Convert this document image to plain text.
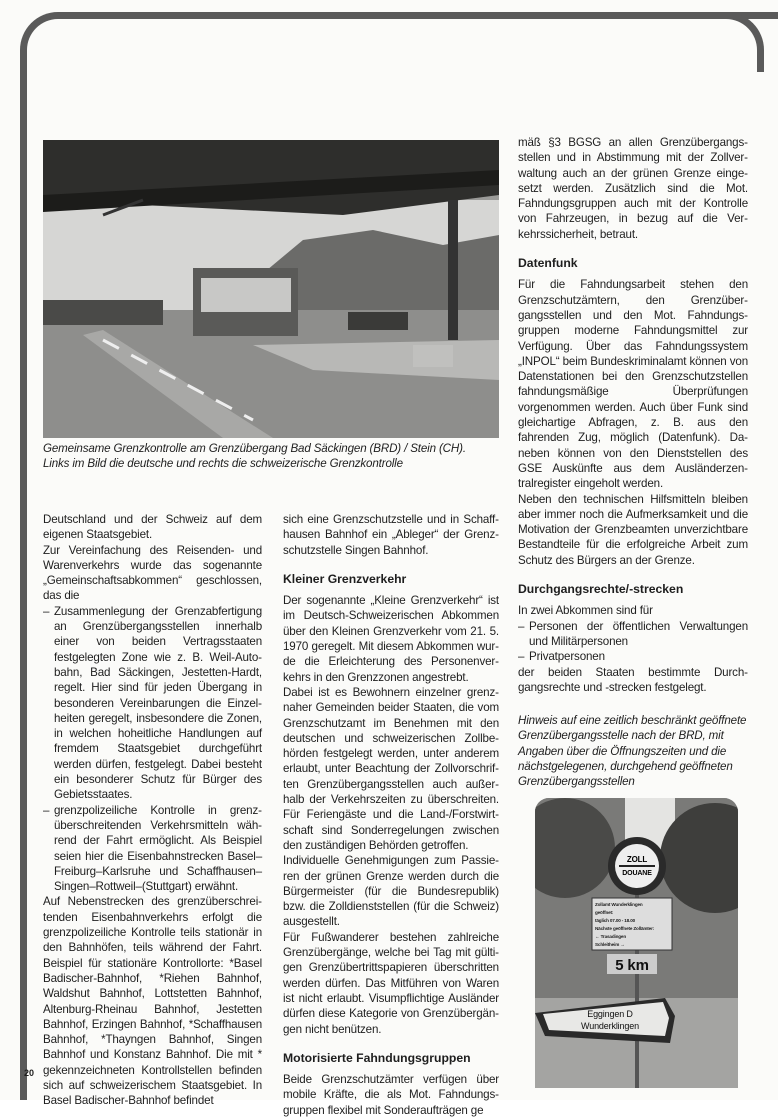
Gemeinsame Grenzkontrolle am Grenzübergang Bad Säckingen (BRD) / Stein (CH). Links im Bild die deutsche und rechts die schweizerische Grenzkontrolle

mäß §3 BGSG an allen Grenzübergangsstellen und in Abstimmung mit der Zollverwaltung auch an der grünen Grenze eingesetzt werden. Zusätzlich sind die Mot. Fahndungsgruppen auch mit der Kontrolle von Fahrzeugen, in bezug auf die Verkehrssicherheit, betraut.

Datenfunk

Für die Fahndungsarbeit stehen den Grenzschutzämtern, den Grenzübergangsstellen und den Mot. Fahndungsgruppen moderne Fahndungsmittel zur Verfügung. Über das Fahndungssystem „INPOL“ beim Bundeskriminalamt können von Datenstationen bei den Grenzschutzstellen fahndungsmäßige Überprüfungen vorgenommen werden. Auch über Funk sind gleichartige Abfragen, z. B. aus den fahrenden Zug, möglich (Datenfunk). Daneben können von den Dienststellen des GSE Auskünfte aus dem Ausländerzentralregister eingeholt werden.

Neben den technischen Hilfsmitteln bleiben aber immer noch die Aufmerksamkeit und die Motivation der Grenzbeamten unverzichtbare Bestandteile für die erfolgreiche Arbeit zum Schutz des Bürgers an der Grenze.

Durchgangsrechte/-strecken

In zwei Abkommen sind für

– Personen der öffentlichen Verwaltungen und Militärpersonen
– Privatpersonen

der beiden Staaten bestimmte Durchgangsrechte und -strecken festgelegt.

Hinweis auf eine zeitlich beschränkt geöffnete Grenzübergangsstelle nach der BRD, mit Angaben über die Öffnungszeiten und die nächstgelegenen, durchgehend geöffneten Grenzübergangsstellen
ZOLL
DOUANE
Zollamt Wunderklingen
geöffnet:
täglich 07.00 - 18.00
Nächste geöffnete Zollämter:
← Trasadingen
Schleitheim →
5 km
Eggingen D
Wunderklingen

Deutschland und der Schweiz auf dem eigenen Staatsgebiet.

Zur Vereinfachung des Reisenden- und Warenverkehrs wurde das sogenannte „Gemeinschaftsabkommen“ geschlossen, das die

– Zusammenlegung der Grenzabfertigung an Grenzübergangsstellen innerhalb einer von beiden Vertragsstaaten festgelegten Zone wie z. B. Weil-Autobahn, Bad Säckingen, Jestetten-Hardt, regelt. Hier sind für jeden Übergang in besonderen Vereinbarungen die Einzelheiten geregelt, insbesondere die Zonen, in welchen hoheitliche Handlungen auf fremdem Staatsgebiet durchgeführt werden dürfen, festgelegt. Dabei besteht ein besonderer Schutz für Bürger des Gebietsstaates.
– grenzpolizeiliche Kontrolle in grenzüberschreitenden Verkehrsmitteln während der Fahrt ermöglicht. Als Beispiel seien hier die Eisenbahnstrecken Basel–Freiburg–Karlsruhe und Schaffhausen–Singen–Rottweil–(Stuttgart) erwähnt.

Auf Nebenstrecken des grenzüberschreitenden Eisenbahnverkehrs erfolgt die grenzpolizeiliche Kontrolle teils stationär in den Bahnhöfen, teils während der Fahrt. Beispiel für stationäre Kontrollorte: *Basel Badischer-Bahnhof, *Riehen Bahnhof, Waldshut Bahnhof, Lottstetten Bahnhof, Altenburg-Rheinau Bahnhof, Jestetten Bahnhof, Erzingen Bahnhof, *Schaffhausen Bahnhof, *Thayngen Bahnhof, Singen Bahnhof und Konstanz Bahnhof. Die mit * gekennzeichneten Kontrollstellen befinden sich auf schweizerischem Staatsgebiet. In Basel Badischer-Bahnhof befindet

sich eine Grenzschutzstelle und in Schaffhausen Bahnhof ein „Ableger“ der Grenzschutzstelle Singen Bahnhof.

Kleiner Grenzverkehr

Der sogenannte „Kleine Grenzverkehr“ ist im Deutsch-Schweizerischen Abkommen über den Kleinen Grenzverkehr vom 21. 5. 1970 geregelt. Mit diesem Abkommen wurde die Erleichterung des Personenverkehrs in den Grenzzonen angestrebt.

Dabei ist es Bewohnern einzelner grenznaher Gemeinden beider Staaten, die vom Grenzschutzamt im Benehmen mit den deutschen und schweizerischen Zollbehörden festgelegt werden, unter anderem erlaubt, unter Beachtung der Zollvorschriften Grenzübergangsstellen auch außerhalb der Verkehrszeiten zu überschreiten. Für Feriengäste und die Land-/Forstwirtschaft sind Sonderregelungen zwischen den zuständigen Behörden getroffen.

Individuelle Genehmigungen zum Passieren der grünen Grenze werden durch die Bürgermeister (für die Bundesrepublik) bzw. die Zolldienststellen (für die Schweiz) ausgestellt.

Für Fußwanderer bestehen zahlreiche Grenzübergänge, welche bei Tag mit gültigen Grenzübertrittspapieren überschritten werden dürfen. Das Mitführen von Waren ist nicht erlaubt. Visumpflichtige Ausländer dürfen diese Kategorie von Grenzübergängen nicht benützen.

Motorisierte Fahndungsgruppen

Beide Grenzschutzämter verfügen über mobile Kräfte, die als Mot. Fahndungsgruppen flexibel mit Sonderaufträgen ge

20
